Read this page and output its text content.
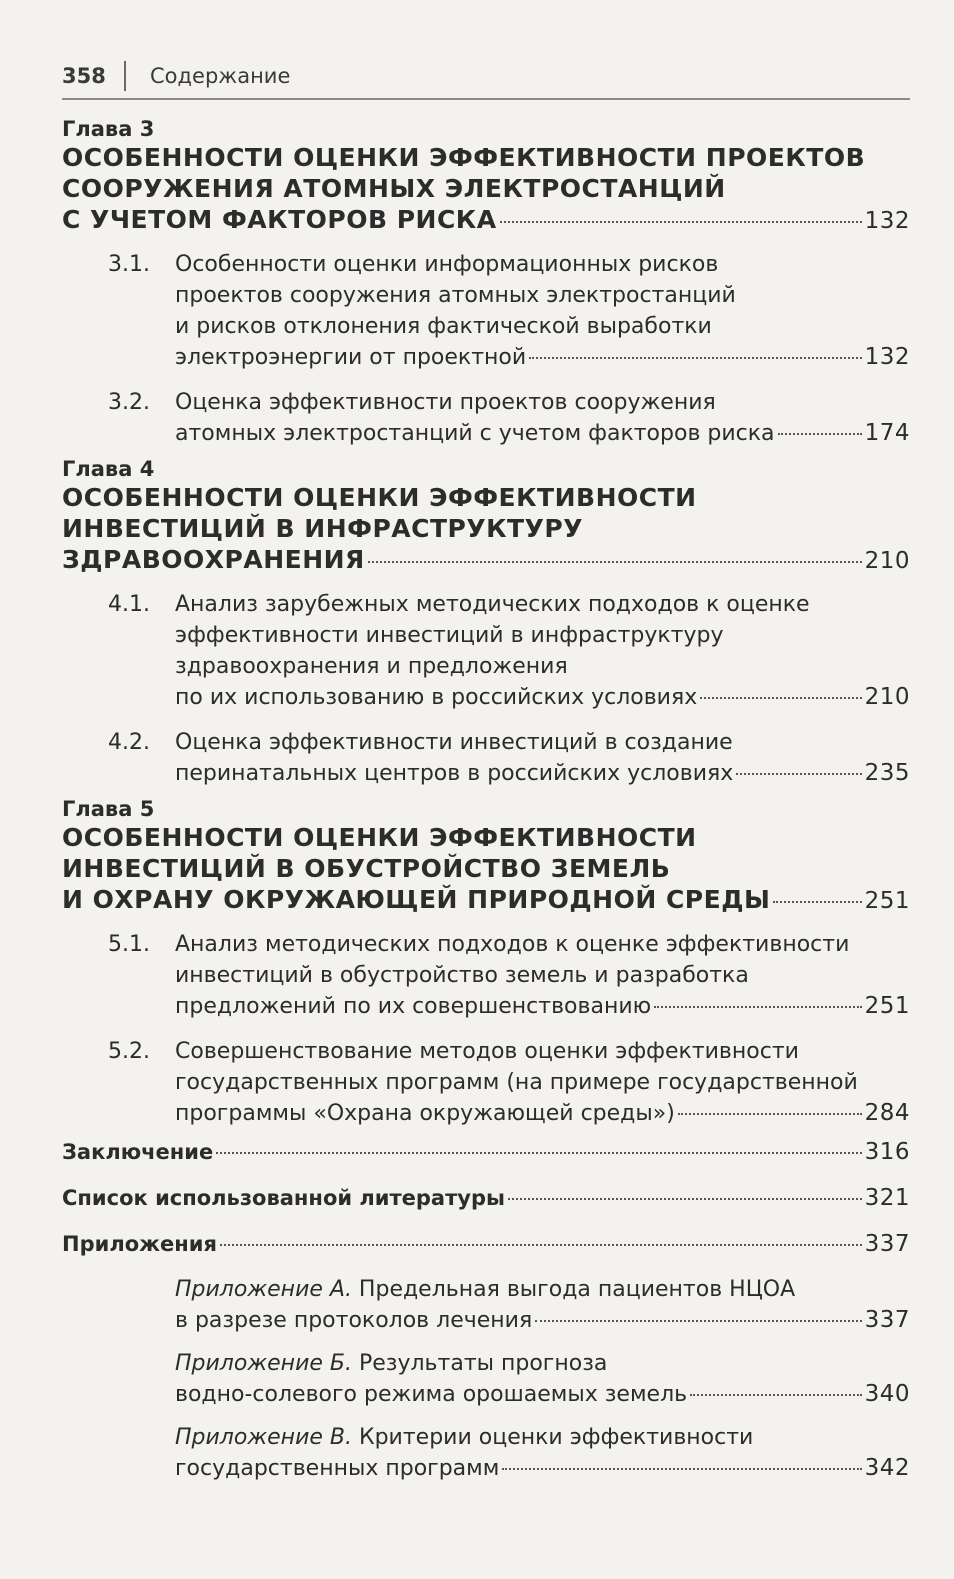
358 Содержание
Глава 3
ОСОБЕННОСТИ ОЦЕНКИ ЭФФЕКТИВНОСТИ ПРОЕКТОВ
СООРУЖЕНИЯ АТОМНЫХ ЭЛЕКТРОСТАНЦИЙ
С УЧЕТОМ ФАКТОРОВ РИСКА	132
3.1.	Особенности оценки информационных рисков
проектов сооружения атомных электростанций
и рисков отклонения фактической выработки
электроэнергии от проектной	132
3.2.	Оценка эффективности проектов сооружения
атомных электростанций с учетом факторов риска	174
Глава 4
ОСОБЕННОСТИ ОЦЕНКИ ЭФФЕКТИВНОСТИ
ИНВЕСТИЦИЙ В ИНФРАСТРУКТУРУ
ЗДРАВООХРАНЕНИЯ	210
4.1.	Анализ зарубежных методических подходов к оценке
эффективности инвестиций в инфраструктуру
здравоохранения и предложения
по их использованию в российских условиях	210
4.2.	Оценка эффективности инвестиций в создание
перинатальных центров в российских условиях	235
Глава 5
ОСОБЕННОСТИ ОЦЕНКИ ЭФФЕКТИВНОСТИ
ИНВЕСТИЦИЙ В ОБУСТРОЙСТВО ЗЕМЕЛЬ
И ОХРАНУ ОКРУЖАЮЩЕЙ ПРИРОДНОЙ СРЕДЫ	251
5.1.	Анализ методических подходов к оценке эффективности
инвестиций в обустройство земель и разработка
предложений по их совершенствованию	251
5.2.	Совершенствование методов оценки эффективности
государственных программ (на примере государственной
программы «Охрана окружающей среды»)	284
Заключение	316
Список использованной литературы	321
Приложения	337
Приложение А. Предельная выгода пациентов НЦОА
в разрезе протоколов лечения	337
Приложение Б. Результаты прогноза
водно-солевого режима орошаемых земель	340
Приложение В. Критерии оценки эффективности
государственных программ	342
